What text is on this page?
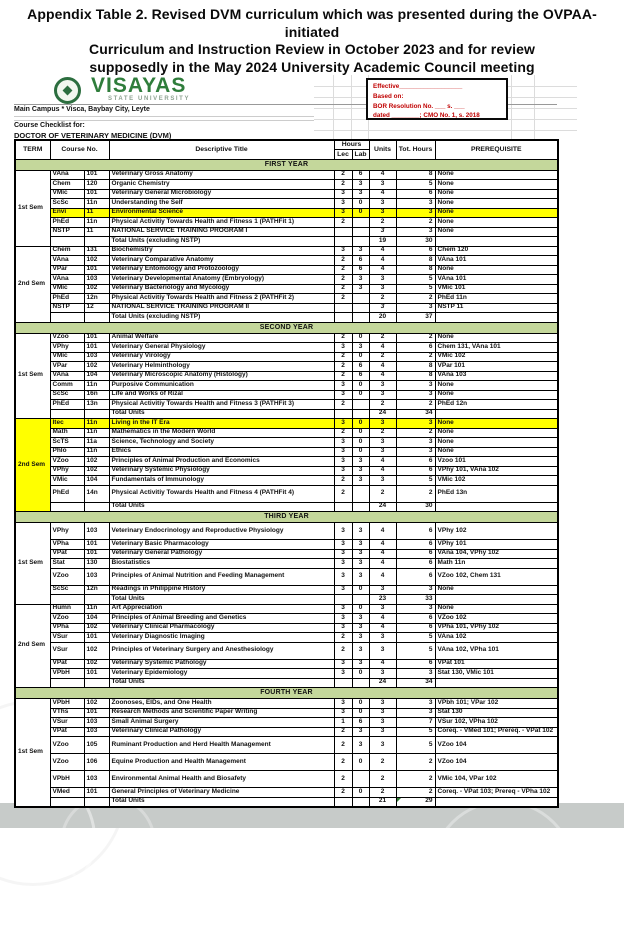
Appendix Table 2. Revised DVM curriculum which was presented during the OVPAA-initiated
Curriculum and Instruction Review in October 2023 and for review
supposedly in the May 2024 University Academic Council meeting
VISAYAS
STATE UNIVERSITY
Main Campus * Visca, Baybay City, Leyte
Course Checklist for:
DOCTOR OF VETERINARY MEDICINE (DVM)
Effective__________________
Based on:
BOR Resolution No. ___ s. ___
dated ________; CMO No. 1, s. 2018
TERM	Course No.		Descriptive Title	Hours		Units	Tot. Hours	PREREQUISITE
				Lec	Lab			
FIRST YEAR								
1st Sem	VAna	101	Veterinary Gross Anatomy	2	6	4	8	None
	Chem	120	Organic Chemistry	2	3	3	5	None
	VMic	101	Veterinary General Microbiology	3	3	4	6	None
	ScSc	11n	Understanding the Self	3	0	3	3	None
	Envi	11	Environmental Science	3	0	3	3	None
	PhEd	11n	Physical Activitiy Towards Health and Fitness 1 (PATHFit 1)	2		2	2	None
	NSTP	11	NATIONAL SERVICE TRAINING PROGRAM I			3	3	None
			Total Units (excluding NSTP)			19	30	
2nd Sem	Chem	131	Biochemistry	3	3	4	6	Chem 120
	VAna	102	Veterinary Comparative Anatomy	2	6	4	8	VAna 101
	VPar	101	Veterinary Entomology and Protozoology	2	6	4	8	None
	VAna	103	Veterinary Developmental Anatomy (Embryology)	2	3	3	5	VAna 101
	VMic	102	Veterinary Bacteriology and Mycology	2	3	3	5	VMic 101
	PhEd	12n	Physical Activitiy Towards Health and Fitness 2 (PATHFit 2)	2		2	2	PhEd 11n
	NSTP	12	NATIONAL SERVICE TRAINING PROGRAM II			3	3	NSTP 11
			Total Units (excluding NSTP)			20	37	
SECOND YEAR								
1st Sem	VZoo	101	Animal Welfare	2	0	2	2	None
	VPhy	101	Veterinary General Physiology	3	3	4	6	Chem 131, VAna 101
	VMic	103	Veterinary Virology	2	0	2	2	VMic 102
	VPar	102	Veterinary Helminthology	2	6	4	8	VPar 101
	VAna	104	Veterinary Microscopic Anatomy (Histology)	2	6	4	8	VAna 103
	Comm	11n	Purposive Communication	3	0	3	3	None
	ScSc	16n	Life and Works of Rizal	3	0	3	3	None
	PhEd	13n	Physical Activitiy Towards Health and Fitness 3 (PATHFit 3)	2		2	2	PhEd 12n
			Total Units			24	34	
2nd Sem	Itec	11n	Living in the IT Era	3	0	3	3	None
	Math	11n	Mathematics in the Modern World	2	0	2	2	None
	ScTS	11a	Science, Technology and Society	3	0	3	3	None
	Phlo	11n	Ethics	3	0	3	3	None
	VZoo	102	Principles of Animal Production and Economics	3	3	4	6	Vzoo 101
	VPhy	102	Veterinary Systemic Physiology	3	3	4	6	VPhy 101, VAna 102
	VMic	104	Fundamentals of Immunology	2	3	3	5	VMic 102
	PhEd	14n	Physical Activitiy Towards Health and Fitness 4 (PATHFit 4)	2		2	2	PhEd 13n
			Total Units			24	30	
THIRD YEAR								
1st Sem	VPhy	103	Veterinary Endocrinology and Reproductive Physiology	3	3	4	6	VPhy 102
	VPha	101	Veterinary Basic Pharmacology	3	3	4	6	VPhy 101
	VPat	101	Veterinary General Pathology	3	3	4	6	VAna 104, VPhy 102
	Stat	130	Biostatistics	3	3	4	6	Math 11n
	VZoo	103	Principles of Animal Nutrition and Feeding Management	3	3	4	6	VZoo 102, Chem 131
	ScSc	12n	Readings in Philippine History	3	0	3	3	None
			Total Units			23	33	
2nd Sem	Humn	11n	Art Appreciation	3	0	3	3	None
	VZoo	104	Principles of Animal Breeding and Genetics	3	3	4	6	VZoo 102
	VPha	102	Veterinary Clinical Pharmacology	3	3	4	6	VPha 101, VPhy 102
	VSur	101	Veterinary Diagnostic Imaging	2	3	3	5	VAna 102
	VSur	102	Principles of Veterinary Surgery and Anesthesiology	2	3	3	5	VAna 102, VPha 101
	VPat	102	Veterinary Systemic Pathology	3	3	4	6	VPat 101
	VPbH	101	Veterinary Epidemiology	3	0	3	3	Stat 130, VMic 101
			Total Units			24	34	
FOURTH YEAR								
1st Sem	VPbH	102	Zoonoses, EIDs, and One Health	3	0	3	3	VPbh 101; VPar 102
	VThs	101	Research Methods and Scientific Paper Writing	3	0	3	3	Stat 130
	VSur	103	Small Animal Surgery	1	6	3	7	VSur 102, VPha 102
	VPat	103	Veterinary Clinical Pathology	2	3	3	5	Coreq. - VMed 101; Prereq. - VPat 102
	VZoo	105	Ruminant Production and Herd Health Management	2	3	3	5	VZoo 104
	VZoo	106	Equine Production and Health Management	2	0	2	2	VZoo 104
	VPbH	103	Environmental Animal Health and Biosafety	2		2	2	VMic 104, VPar 102
	VMed	101	General Principles of Veterinary Medicine	2	0	2	2	Coreq. - VPat 103; Prereq - VPha 102
			Total Units			21	29
